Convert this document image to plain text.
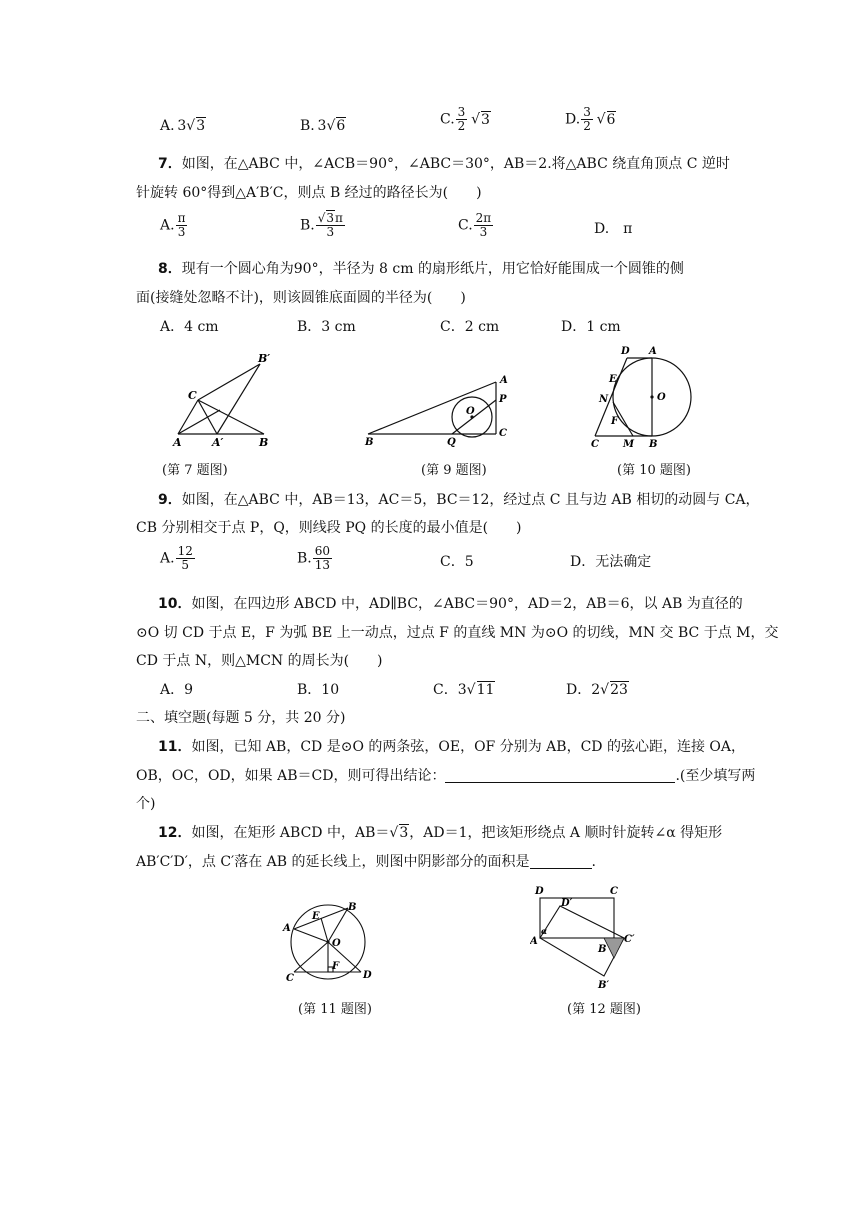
A.  3√3	B.  3√6	C. $\frac{3}{2}$
  √3	D. $\frac{3}{2}$
  √6
7．如图，在△ABC 中，∠ACB＝90°，∠ABC＝30°，AB＝2.将△ABC 绕直角顶点 C 逆时
针旋转 60°得到△A′B′C，则点 B 经过的路径长为(　　)
A. $\frac{\pi}{3}$	B. $\frac{√3\pi}{3}$	C. $\frac{2\pi}{3}$	D.　π
8．现有一个圆心角为90°，半径为 8 cm 的扇形纸片，用它恰好能围成一个圆锥的侧
面(接缝处忽略不计)，则该圆锥底面圆的半径为(　　)
A．4 cm	B．3 cm	C．2 cm	D．1 cm
B′
C
A	A′	B
A
P
O
B	Q
C
D A
E
N
F
O
C M B
(第 7 题图)	(第 9 题图)	(第 10 题图)
9．如图，在△ABC 中，AB＝13，AC＝5，BC＝12，经过点 C 且与边 AB 相切的动圆与 CA，
CB 分别相交于点 P，Q，则线段 PQ 的长度的最小值是(　　)
A. $\frac{12}{5}$	B. $\frac{60}{13}$	C．5	D．无法确定
10．如图，在四边形 ABCD 中，AD∥BC，∠ABC＝90°，AD＝2，AB＝6，以 AB 为直径的
⊙O 切 CD 于点 E，F 为弧 BE 上一动点，过点 F 的直线 MN 为⊙O 的切线，MN 交 BC 于点 M，交
CD 于点 N，则△MCN 的周长为(　　)
A．9	B．10	C．3√11	D．2√23
二、填空题(每题 5 分，共 20 分)
11．如图，已知 AB，CD 是⊙O 的两条弦，OE，OF 分别为 AB，CD 的弦心距，连接 OA，
OB，OC，OD，如果 AB＝CD，则可得出结论：	.(至少填写两
个)
12．如图，在矩形 ABCD 中，AB＝√3，AD＝1，把该矩形绕点 A 顺时针旋转∠α 得矩形
AB′C′D′，点 C′落在 AB 的延长线上，则图中阴影部分的面积是	.
A
E
B
O
C
F
D
D	C
D′
α
A
B
C′
B′
(第 11 题图)	(第 12 题图)
